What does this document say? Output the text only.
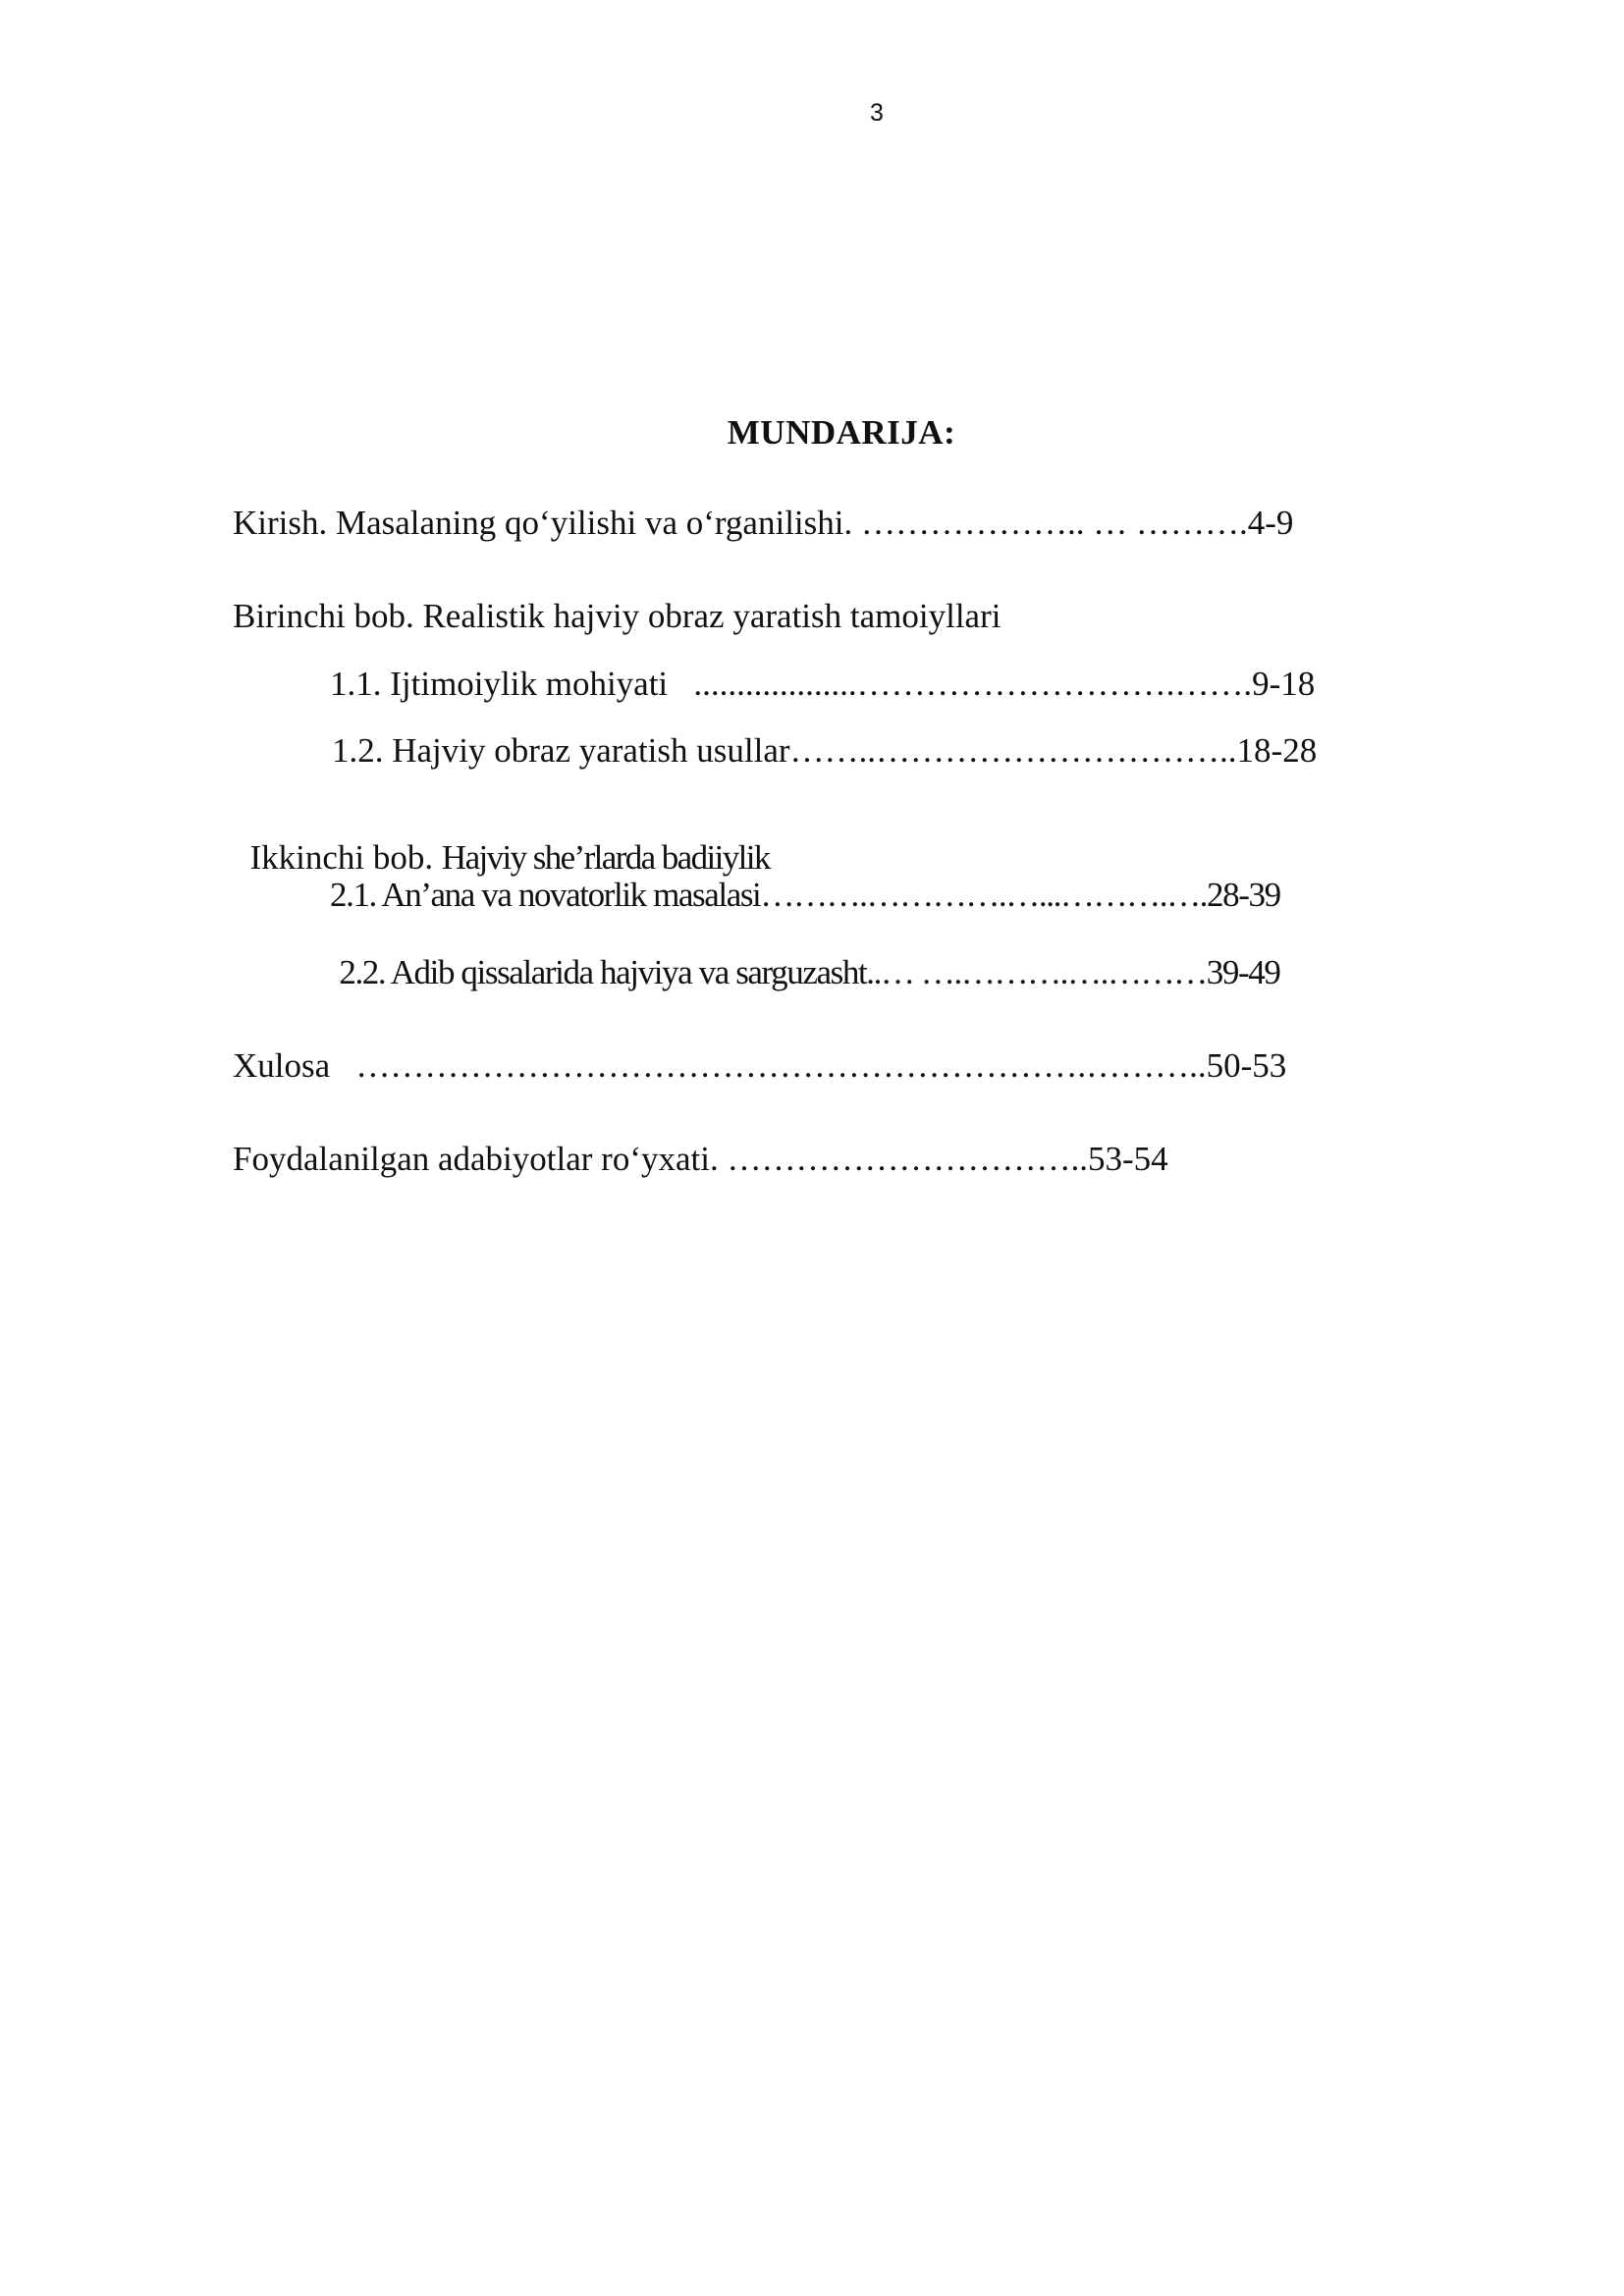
3
MUNDARIJA:
Kirish. Masalaning qo‘yilishi va o‘rganilishi. ……………….. … ……….4-9
Birinchi bob. Realistik hajviy obraz yaratish tamoiyllari
1.1. Ijtimoiylik mohiyati   ...................……………………….…….9-18
1.2. Hajviy obraz yaratish usullar……..…………………………..18-28

Ikkinchi bob. Hajviy she’rlarda badiiylik

2.1. An’ana va novatorlik masalasi……….………….…...……….….28-39
2.2. Adib qissalarida hajviya va sarguzasht..… ….……….….………39-49
Xulosa   ……………………………………………………….………..50-53
Foydalanilgan adabiyotlar ro‘yxati. …………………………..53-54
